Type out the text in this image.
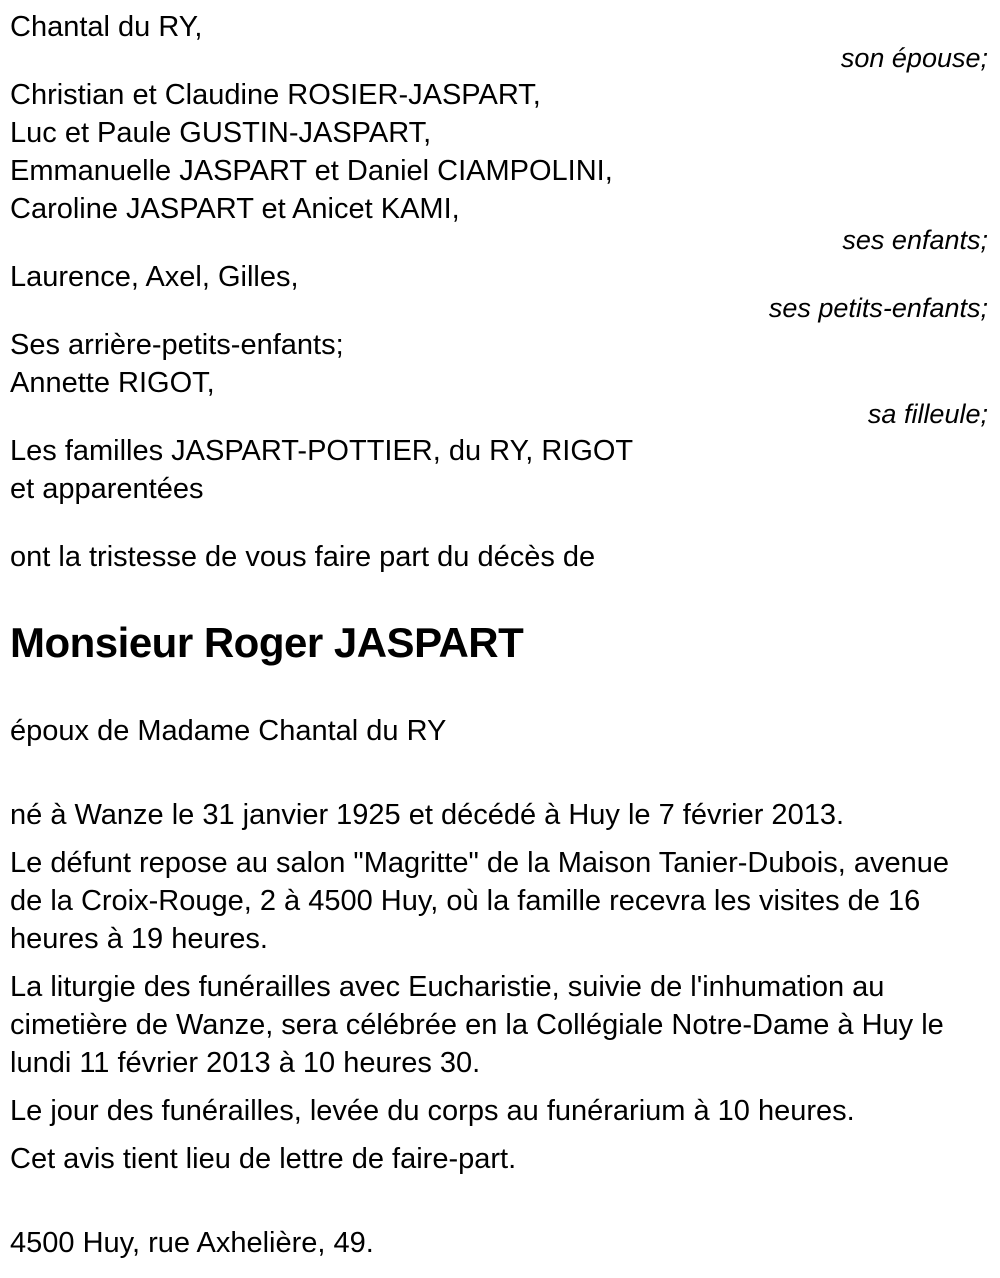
Chantal du RY,
son épouse;
Christian et Claudine ROSIER-JASPART,
Luc et Paule GUSTIN-JASPART,
Emmanuelle JASPART et Daniel CIAMPOLINI,
Caroline JASPART et Anicet KAMI,
ses enfants;
Laurence, Axel, Gilles,
ses petits-enfants;
Ses arrière-petits-enfants;
Annette RIGOT,
sa filleule;
Les familles JASPART-POTTIER, du RY, RIGOT
et apparentées

ont la tristesse de vous faire part du décès de

Monsieur Roger JASPART

époux de Madame Chantal du RY

né à Wanze le 31 janvier 1925 et décédé à Huy le 7 février 2013.

Le défunt repose au salon "Magritte" de la Maison Tanier-Dubois, avenue de la Croix-Rouge, 2 à 4500 Huy, où la famille recevra les visites de 16 heures à 19 heures.

La liturgie des funérailles avec Eucharistie, suivie de l'inhumation au cimetière de Wanze, sera célébrée en la Collégiale Notre-Dame à Huy le lundi 11 février 2013 à 10 heures 30.

Le jour des funérailles, levée du corps au funérarium à 10 heures.

Cet avis tient lieu de lettre de faire-part.

4500 Huy, rue Axhelière, 49.
